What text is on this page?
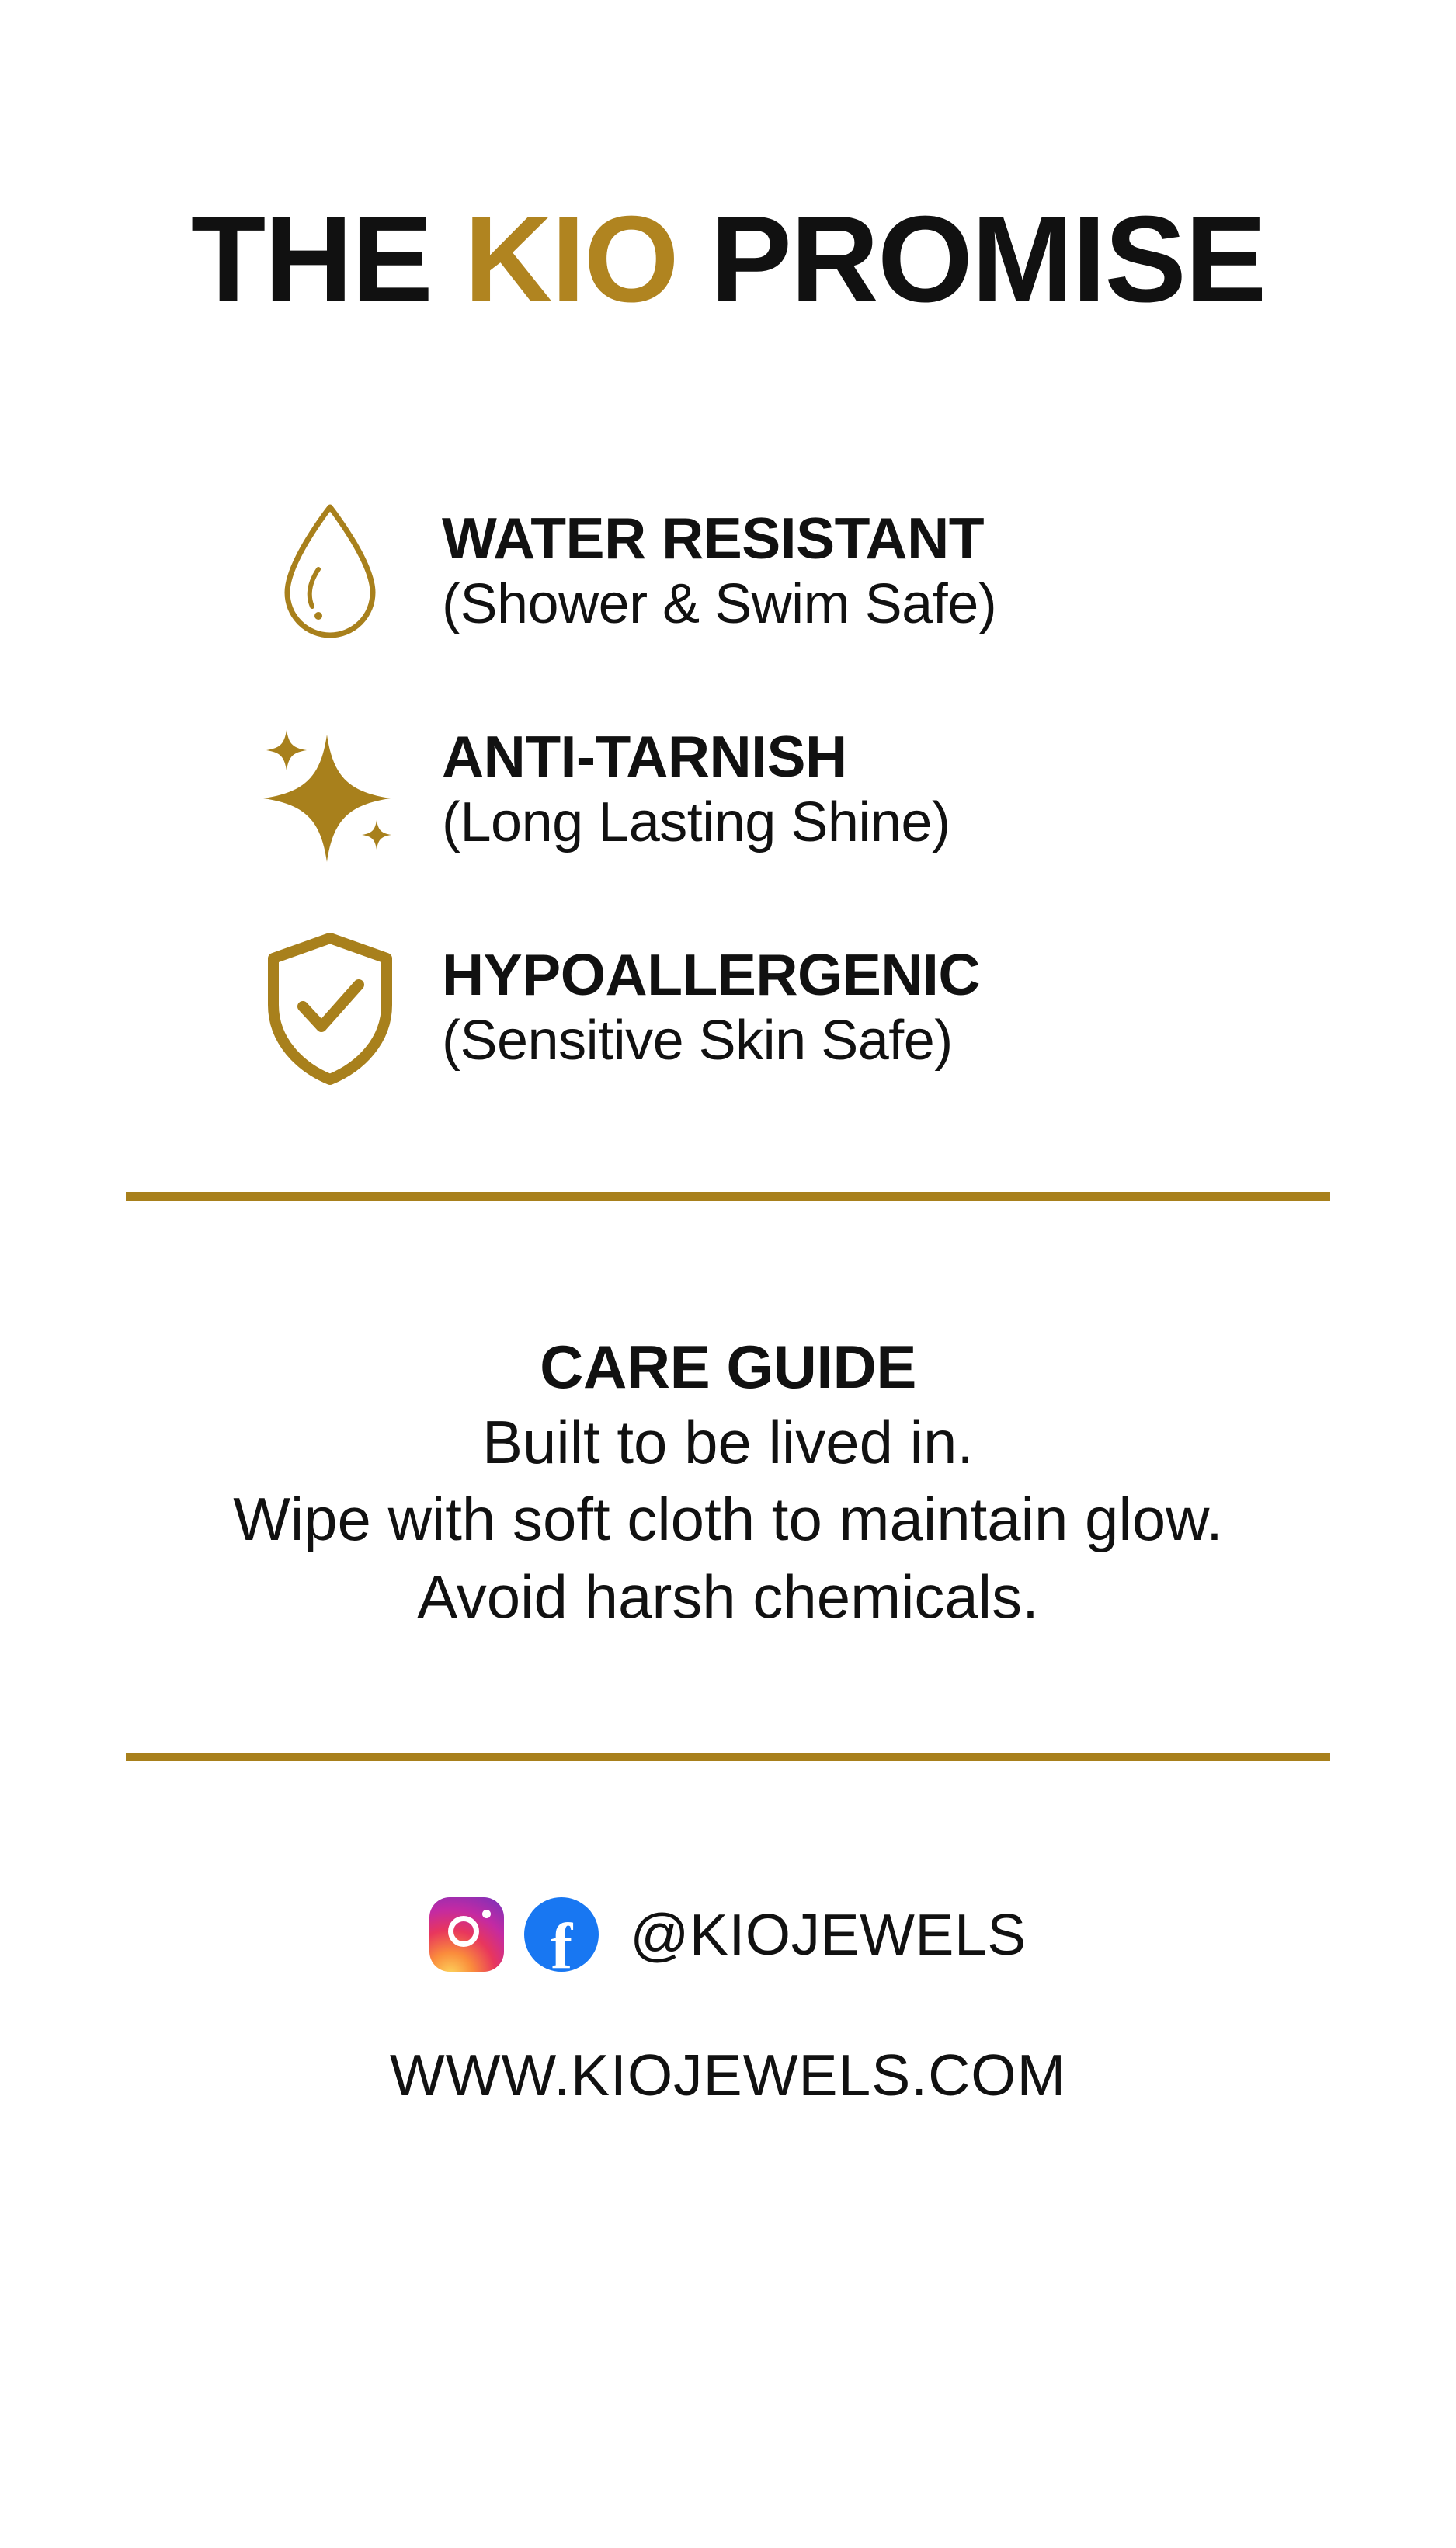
THE KIO PROMISE
WATER RESISTANT
(Shower & Swim Safe)
ANTI-TARNISH
(Long Lasting Shine)
HYPOALLERGENIC
(Sensitive Skin Safe)
CARE GUIDE
Built to be lived in.
Wipe with soft cloth to maintain glow.
Avoid harsh chemicals.
f @KIOJEWELS
WWW.KIOJEWELS.COM
